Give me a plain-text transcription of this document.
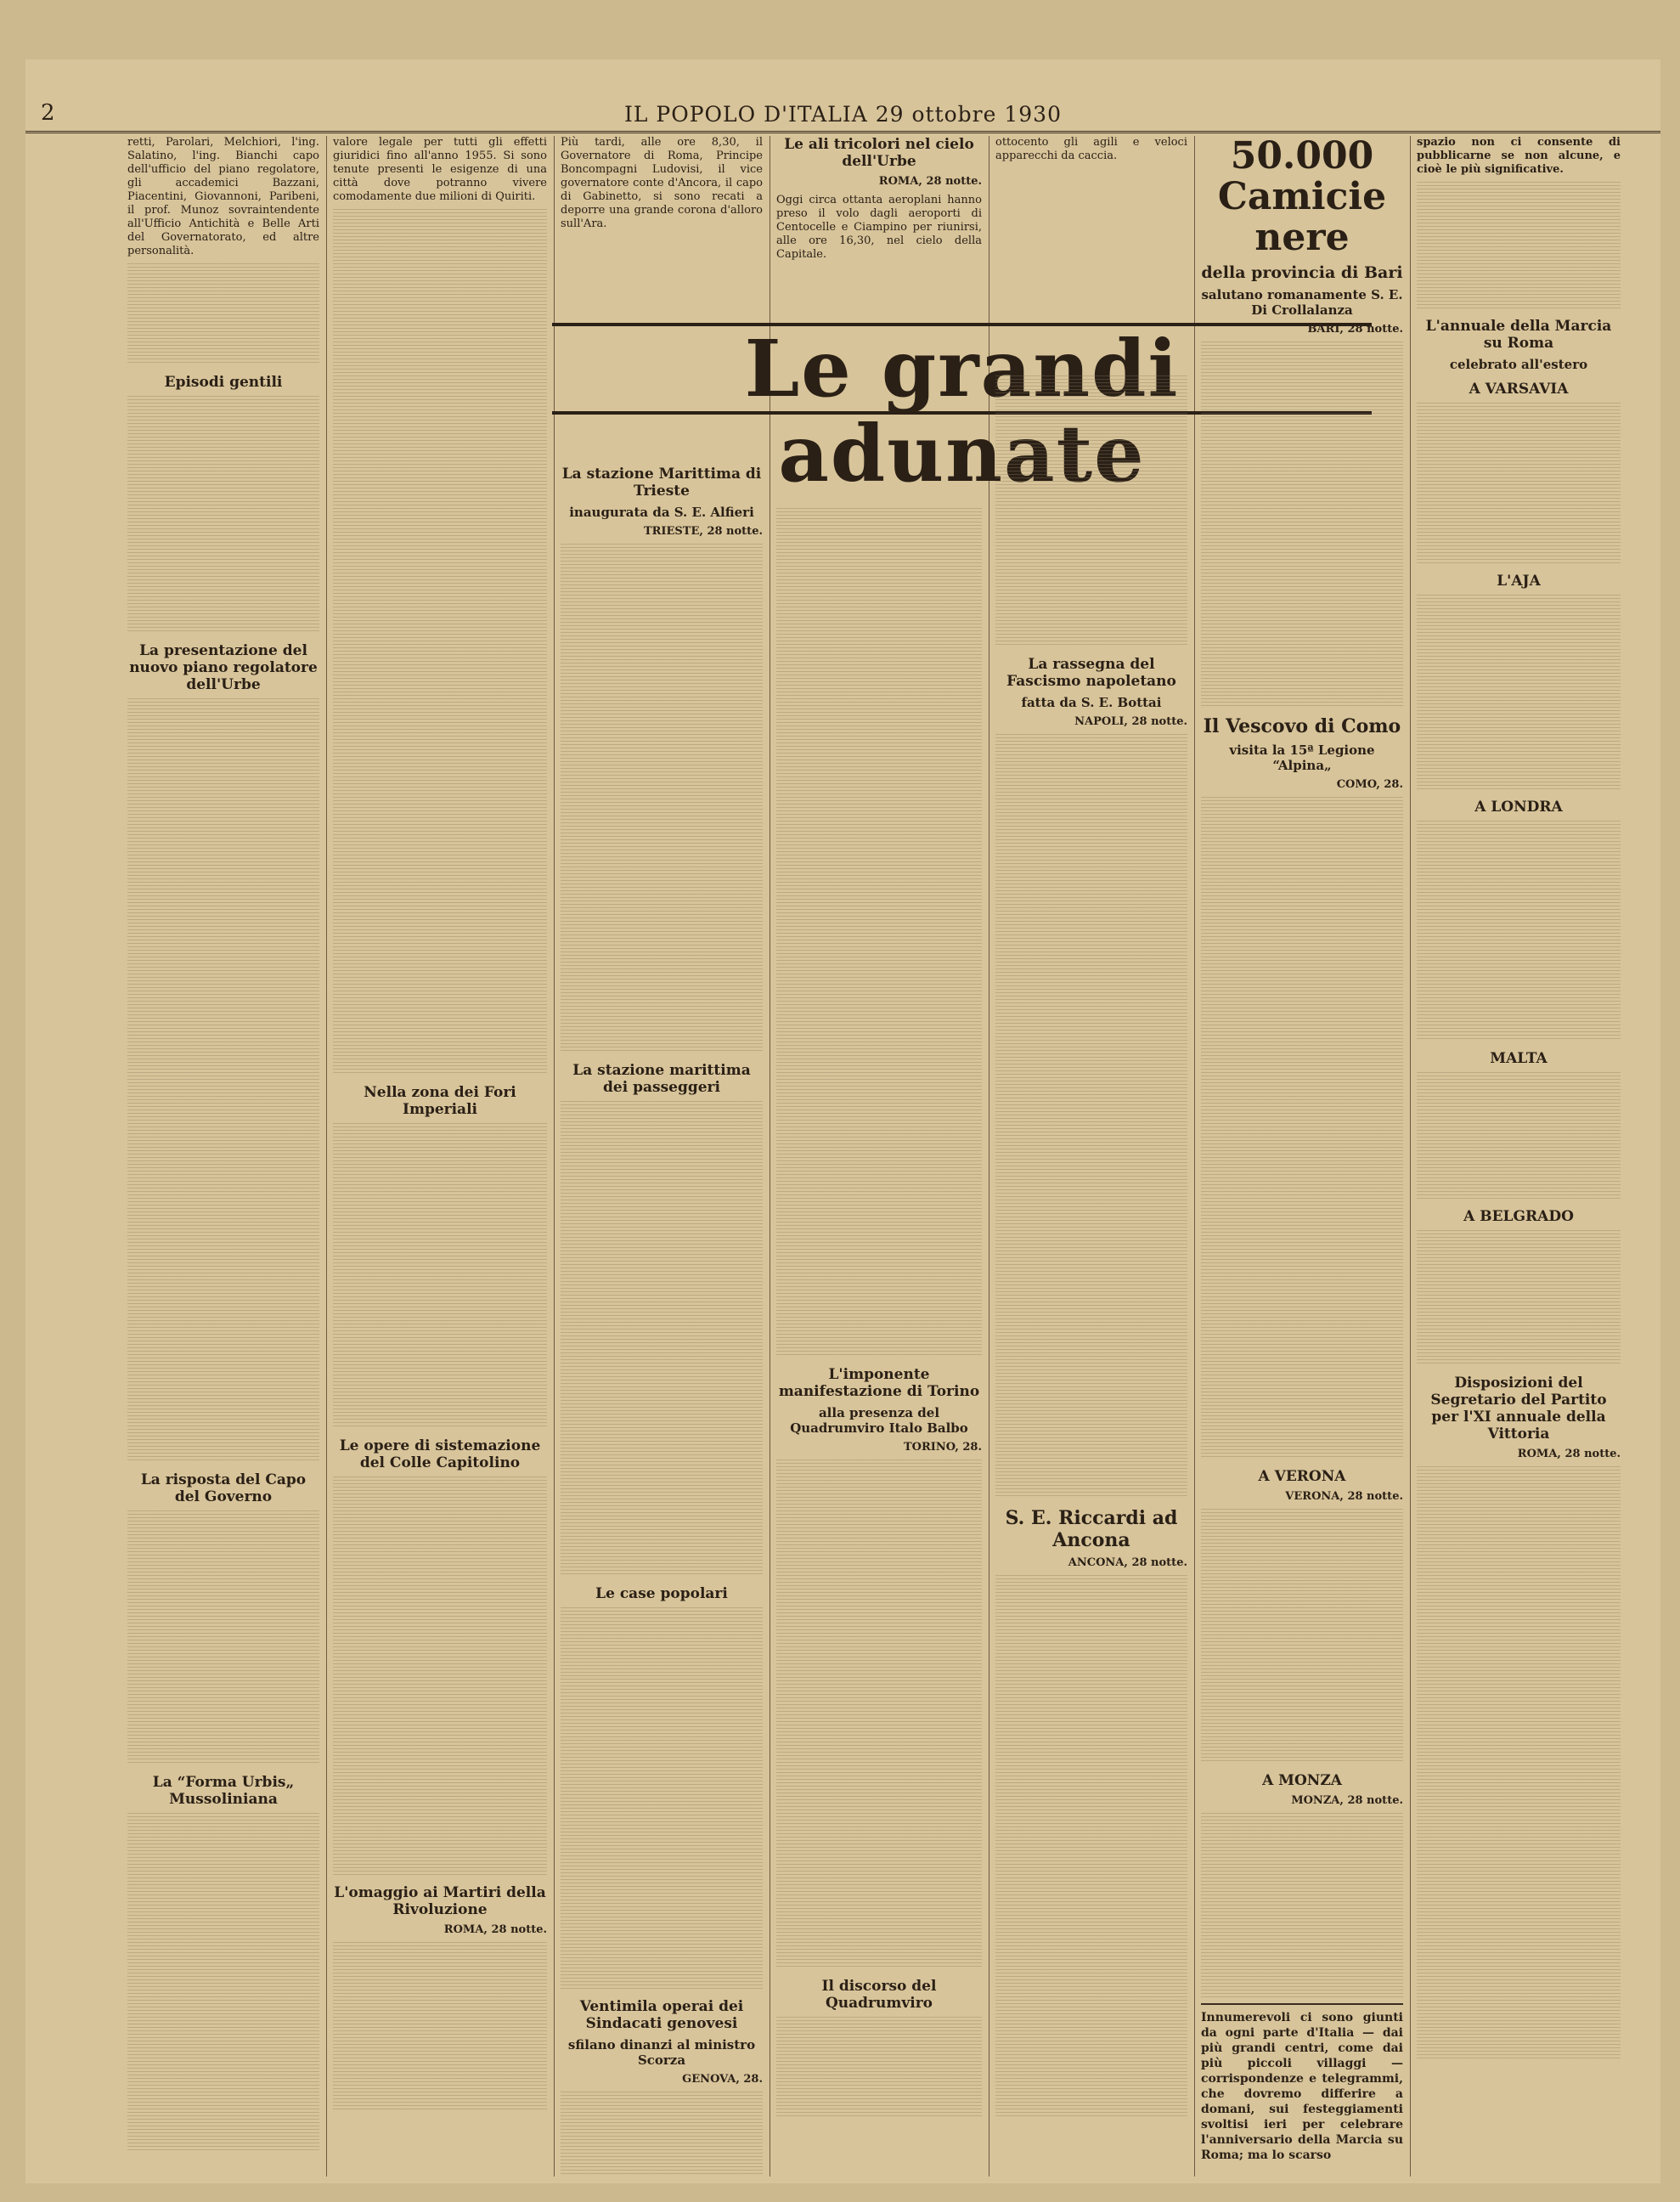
2	IL POPOLO D'ITALIA 29 ottobre 1930
Le grandi adunate

retti, Parolari, Melchiori, l'ing. Salatino, l'ing. Bianchi capo dell'ufficio del piano regolatore, gli accademici Bazzani, Piacentini, Giovannoni, Paribeni, il prof. Munoz sovraintendente all'Ufficio Antichità e Belle Arti del Governatorato, ed altre personalità.

Episodi gentili
La presentazione del nuovo piano regolatore dell'Urbe
La risposta del Capo del Governo
La “Forma Urbis„ Mussoliniana

valore legale per tutti gli effetti giuridici fino all'anno 1955. Si sono tenute presenti le esigenze di una città dove potranno vivere comodamente due milioni di Quiriti.

Nella zona dei Fori Imperiali
Le opere di sistemazione del Colle Capitolino
L'omaggio ai Martiri della Rivoluzione

ROMA, 28 notte.

Più tardi, alle ore 8,30, il Governatore di Roma, Principe Boncompagni Ludovisi, il vice governatore conte d'Ancora, il capo di Gabinetto, si sono recati a deporre una grande corona d'alloro sull'Ara.

La stazione Marittima di Trieste
inaugurata da S. E. Alfieri

TRIESTE, 28 notte.

La stazione marittima dei passeggeri
Le case popolari
Ventimila operai dei Sindacati genovesi
sfilano dinanzi al ministro Scorza

GENOVA, 28.

Le ali tricolori nel cielo dell'Urbe

ROMA, 28 notte.

Oggi circa ottanta aeroplani hanno preso il volo dagli aeroporti di Centocelle e Ciampino per riunirsi, alle ore 16,30, nel cielo della Capitale.

L'imponente manifestazione di Torino
alla presenza del Quadrumviro Italo Balbo

TORINO, 28.

Il discorso del Quadrumviro

ottocento gli agili e veloci apparecchi da caccia.

La rassegna del Fascismo napoletano
fatta da S. E. Bottai

NAPOLI, 28 notte.

S. E. Riccardi ad Ancona

ANCONA, 28 notte.

50.000 Camicie nere
della provincia di Bari
salutano romanamente S. E. Di Crollalanza

BARI, 28 notte.

Il Vescovo di Como
visita la 15ª Legione “Alpina„

COMO, 28.

A VERONA

VERONA, 28 notte.

A MONZA

MONZA, 28 notte.

Innumerevoli ci sono giunti da ogni parte d'Italia — dai più grandi centri, come dai più piccoli villaggi — corrispondenze e telegrammi, che dovremo differire a domani, sui festeggiamenti svoltisi ieri per celebrare l'anniversario della Marcia su Roma; ma lo scarso

spazio non ci consente di pubblicarne se non alcune, e cioè le più significative.

L'annuale della Marcia su Roma
celebrato all'estero
A VARSAVIA
L'AJA
A LONDRA
MALTA
A BELGRADO
Disposizioni del Segretario del Partito per l'XI annuale della Vittoria

ROMA, 28 notte.
